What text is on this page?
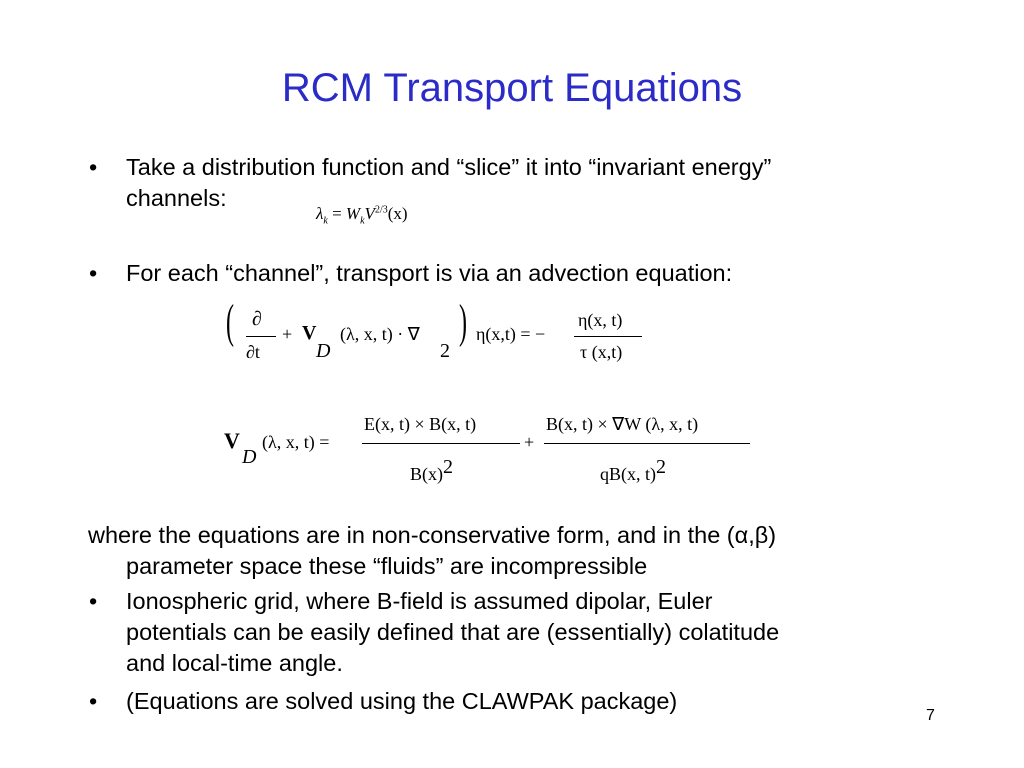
RCM Transport Equations
• Take a distribution function and “slice” it into “invariant energy”
channels:
$\lambda_k = W_kV^{2/3}(x)$
• For each “channel”, transport is via an advection equation:
( ∂
∂t
+ V
D
(λ, x, t) · ∇
2
) η(x,t) = −
η(x, t)
τ (x,t)
V
D
(λ, x, t) =
E(x, t) × B(x, t)
$B(x)^2$
+
B(x, t) × ∇W (λ, x, t)
qB(x, t)$^2$
where the equations are in non-conservative form, and in the (α,β)
parameter space these “fluids” are incompressible
• Ionospheric grid, where B-field is assumed dipolar, Euler
potentials can be easily defined that are (essentially) colatitude
and local-time angle.
• (Equations are solved using the CLAWPAK package)
7
